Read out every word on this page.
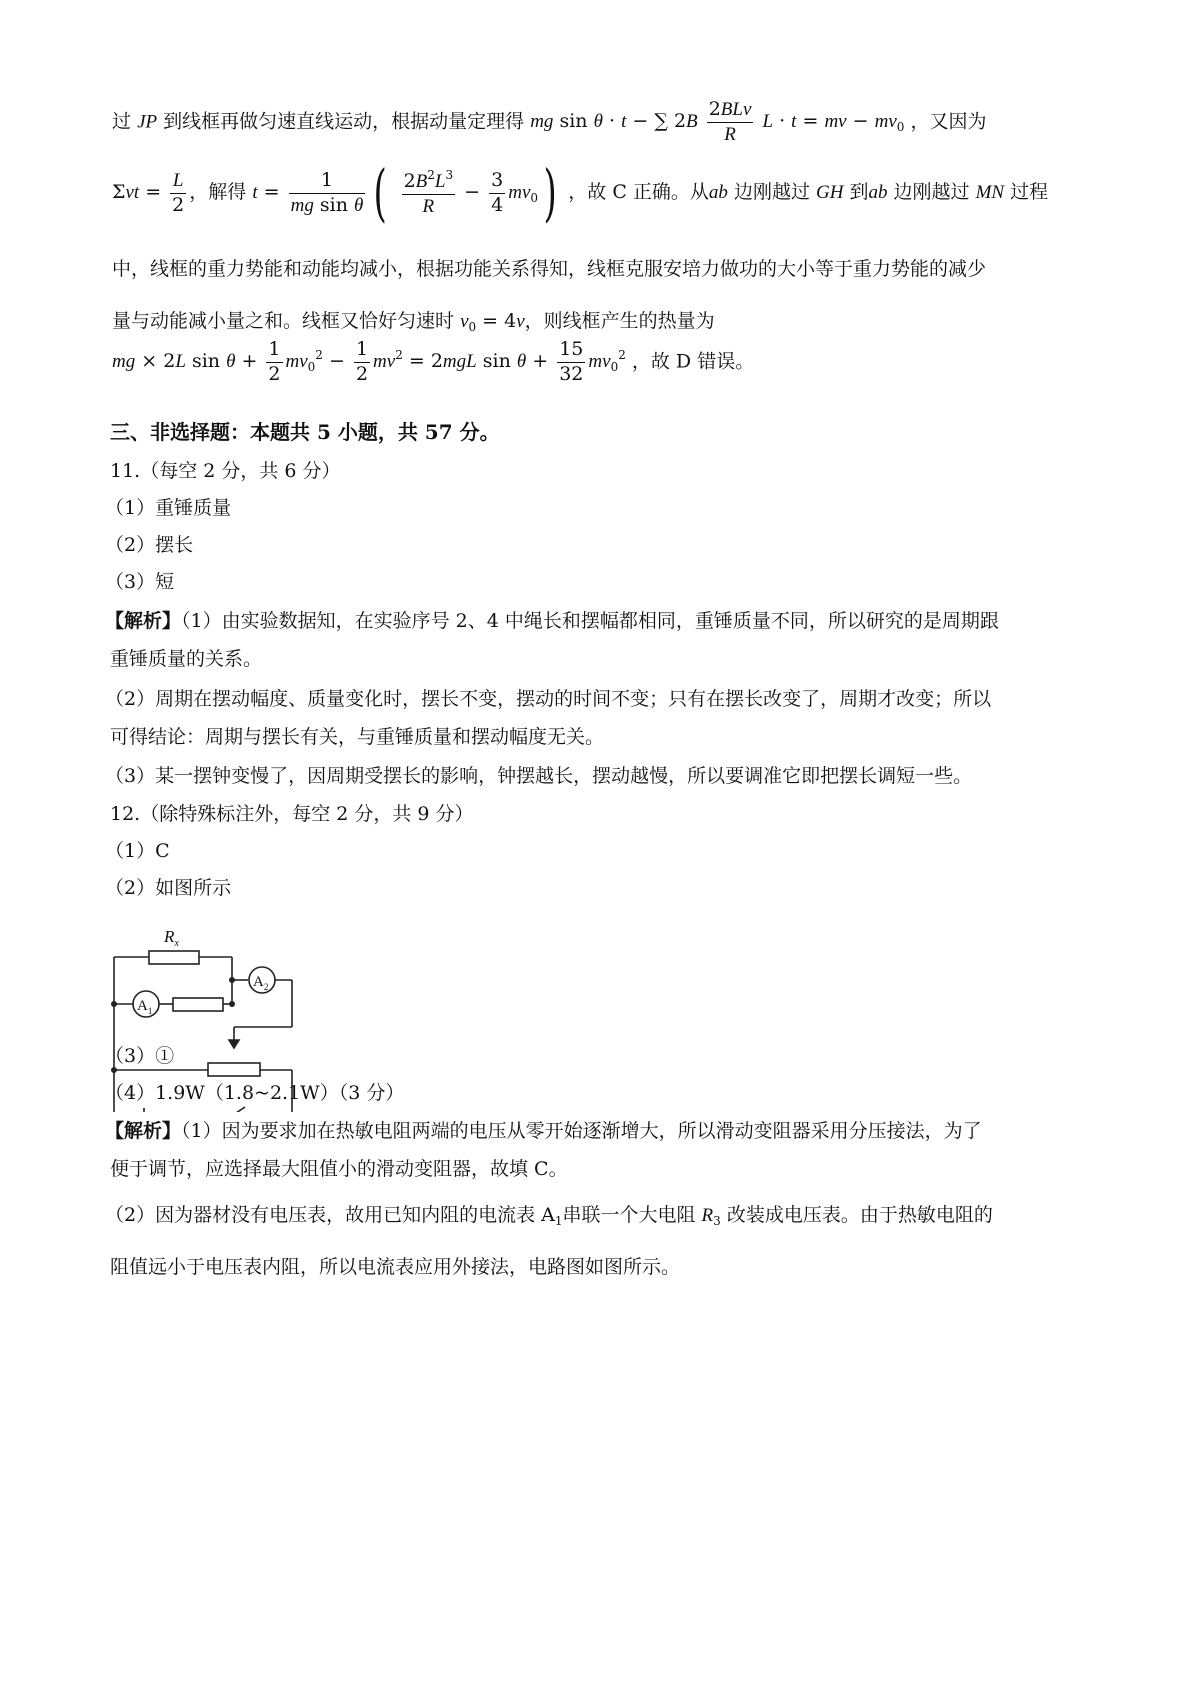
过 JP 到线框再做匀速直线运动，根据动量定理得 mg sin θ · t − ∑ $2B \frac{\text{2BLv}}{R}$ L · t = mv − $mv_0$ ，又因为
$\Sigma vt = \frac{L}{2}$ ，解得 $t = \frac{1}{\text{mg sin θ}}$ ( $\frac{2B^2L^3}{R} - \frac{3}{4} mv_0$) ，故 C 正确。从ab 边刚越过 GH 到ab 边刚越过 MN 过程
中，线框的重力势能和动能均减小，根据功能关系得知，线框克服安培力做功的大小等于重力势能的减少
量与动能减小量之和。线框又恰好匀速时 $v_0 = 4v$，则线框产生的热量为
mg × 2L $\sin \theta + \frac{1}{2} mv_0^2 - \frac{1}{2} mv^2 = 2mgL$ $\sin \theta + \frac{15}{32} mv_0^2$ ，故 D 错误。
三、非选择题：本题共 5 小题，共 57 分。
11.（每空 2 分，共 6 分）
（1）重锤质量
（2）摆长
（3）短
【解析】（1）由实验数据知，在实验序号 2、4 中绳长和摆幅都相同，重锤质量不同，所以研究的是周期跟
重锤质量的关系。
（2）周期在摆动幅度、质量变化时，摆长不变，摆动的时间不变；只有在摆长改变了，周期才改变；所以
可得结论：周期与摆长有关，与重锤质量和摆动幅度无关。
（3）某一摆钟变慢了，因周期受摆长的影响，钟摆越长，摆动越慢，所以要调准它即把摆长调短一些。
12.（除特殊标注外，每空 2 分，共 9 分）
（1）C
（2）如图所示
$R_x$
$A_1$
$A_2$
（3）①
（4）1.9W（1.8~2.1W）（3 分）
【解析】（1）因为要求加在热敏电阻两端的电压从零开始逐渐增大，所以滑动变阻器采用分压接法，为了
便于调节，应选择最大阻值小的滑动变阻器，故填 C。
（2）因为器材没有电压表，故用已知内阻的电流表 $A_1$串联一个大电阻 $R_3$ 改装成电压表。由于热敏电阻的
阻值远小于电压表内阻，所以电流表应用外接法，电路图如图所示。
